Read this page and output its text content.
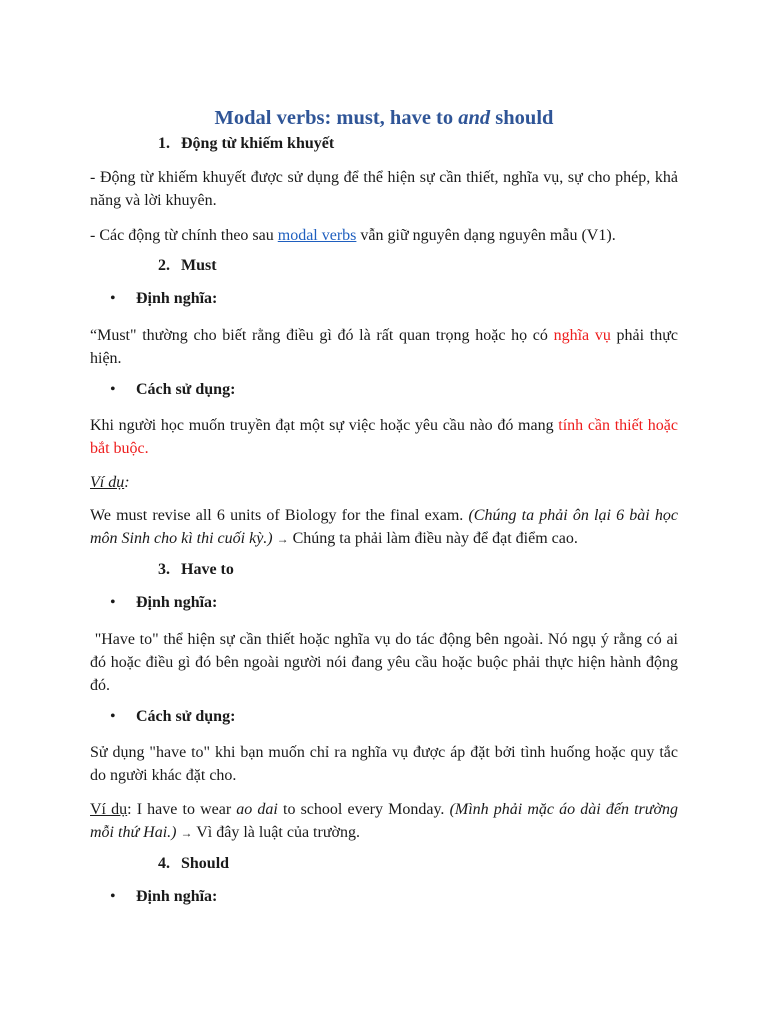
Modal verbs: must, have to and should
1. Động từ khiếm khuyết
- Động từ khiếm khuyết được sử dụng để thể hiện sự cần thiết, nghĩa vụ, sự cho phép, khả năng và lời khuyên.
- Các động từ chính theo sau modal verbs vẫn giữ nguyên dạng nguyên mẫu (V1).
2. Must
• Định nghĩa:
“Must" thường cho biết rằng điều gì đó là rất quan trọng hoặc họ có nghĩa vụ phải thực hiện.
• Cách sử dụng:
Khi người học muốn truyền đạt một sự việc hoặc yêu cầu nào đó mang tính cần thiết hoặc bắt buộc.
Ví dụ:
We must revise all 6 units of Biology for the final exam. (Chúng ta phải ôn lại 6 bài học môn Sinh cho kì thi cuối kỳ.) → Chúng ta phải làm điều này để đạt điểm cao.
3. Have to
• Định nghĩa:
"Have to" thể hiện sự cần thiết hoặc nghĩa vụ do tác động bên ngoài. Nó ngụ ý rằng có ai đó hoặc điều gì đó bên ngoài người nói đang yêu cầu hoặc buộc phải thực hiện hành động đó.
• Cách sử dụng:
Sử dụng "have to" khi bạn muốn chỉ ra nghĩa vụ được áp đặt bởi tình huống hoặc quy tắc do người khác đặt cho.
Ví dụ: I have to wear ao dai to school every Monday. (Mình phải mặc áo dài đến trường mỗi thứ Hai.) → Vì đây là luật của trường.
4. Should
• Định nghĩa:
